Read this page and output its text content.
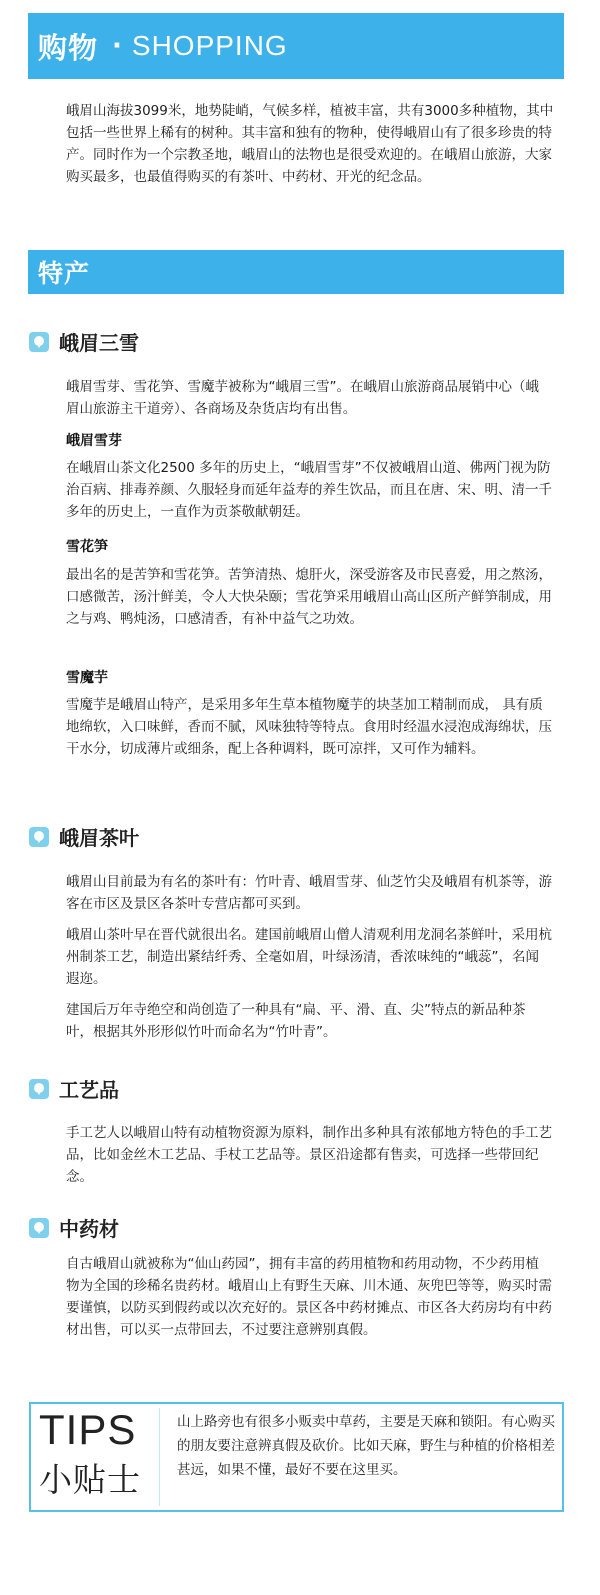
购物 · SHOPPING

峨眉山海拔3099米，地势陡峭，气候多样，植被丰富，共有3000多种植物，其中包括一些世界上稀有的树种。其丰富和独有的物种，使得峨眉山有了很多珍贵的特产。同时作为一个宗教圣地，峨眉山的法物也是很受欢迎的。在峨眉山旅游，大家购买最多，也最值得购买的有茶叶、中药材、开光的纪念品。

特产
峨眉三雪

峨眉雪芽、雪花笋、雪魔芋被称为“峨眉三雪”。在峨眉山旅游商品展销中心（峨眉山旅游主干道旁）、各商场及杂货店均有出售。

峨眉雪芽

在峨眉山茶文化2500 多年的历史上，“峨眉雪芽”不仅被峨眉山道、佛两门视为防治百病、排毒养颜、久服轻身而延年益寿的养生饮品，而且在唐、宋、明、清一千多年的历史上，一直作为贡茶敬献朝廷。

雪花笋

最出名的是苦笋和雪花笋。苦笋清热、熄肝火，深受游客及市民喜爱，用之熬汤，口感微苦，汤汁鲜美，令人大快朵颐；雪花笋采用峨眉山高山区所产鲜笋制成，用之与鸡、鸭炖汤，口感清香，有补中益气之功效。

雪魔芋

雪魔芋是峨眉山特产，是采用多年生草本植物魔芋的块茎加工精制而成， 具有质地绵软，入口味鲜，香而不腻，风味独特等特点。食用时经温水浸泡成海绵状，压干水分，切成薄片或细条，配上各种调料，既可凉拌，又可作为辅料。

峨眉茶叶

峨眉山目前最为有名的茶叶有：竹叶青、峨眉雪芽、仙芝竹尖及峨眉有机茶等，游客在市区及景区各茶叶专营店都可买到。

峨眉山茶叶早在晋代就很出名。建国前峨眉山僧人清观利用龙洞名茶鲜叶，采用杭州制茶工艺，制造出紧结纤秀、全毫如眉，叶绿汤清，香浓味纯的“峨蕊”，名闻遐迩。

建国后万年寺绝空和尚创造了一种具有“扁、平、滑、直、尖”特点的新品种茶叶，根据其外形形似竹叶而命名为“竹叶青”。

工艺品

手工艺人以峨眉山特有动植物资源为原料，制作出多种具有浓郁地方特色的手工艺品，比如金丝木工艺品、手杖工艺品等。景区沿途都有售卖，可选择一些带回纪念。

中药材

自古峨眉山就被称为“仙山药园”，拥有丰富的药用植物和药用动物，不少药用植物为全国的珍稀名贵药材。峨眉山上有野生天麻、川木通、灰兜巴等等，购买时需要谨慎，以防买到假药或以次充好的。景区各中药材摊点、市区各大药房均有中药材出售，可以买一点带回去，不过要注意辨别真假。

TIPS
小贴士

山上路旁也有很多小贩卖中草药，主要是天麻和锁阳。有心购买的朋友要注意辨真假及砍价。比如天麻，野生与种植的价格相差甚远，如果不懂，最好不要在这里买。
